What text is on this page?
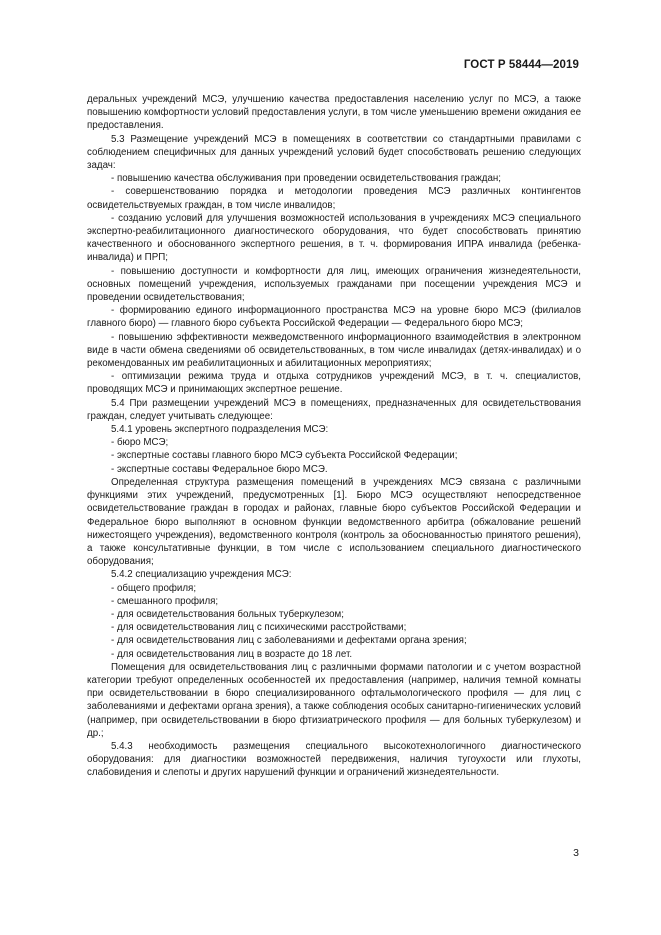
ГОСТ Р 58444—2019

деральных учреждений МСЭ, улучшению качества предоставления населению услуг по МСЭ, а также повышению комфортности условий предоставления услуги, в том числе уменьшению времени ожидания ее предоставления.

5.3 Размещение учреждений МСЭ в помещениях в соответствии со стандартными правилами с соблюдением специфичных для данных учреждений условий будет способствовать решению следующих задач:

- повышению качества обслуживания при проведении освидетельствования граждан;

- совершенствованию порядка и методологии проведения МСЭ различных контингентов освидетельствуемых граждан, в том числе инвалидов;

- созданию условий для улучшения возможностей использования в учреждениях МСЭ специального экспертно-реабилитационного диагностического оборудования, что будет способствовать принятию качественного и обоснованного экспертного решения, в т. ч. формирования ИПРА инвалида (ребенка-инвалида) и ПРП;

- повышению доступности и комфортности для лиц, имеющих ограничения жизнедеятельности, основных помещений учреждения, используемых гражданами при посещении учреждения МСЭ и проведении освидетельствования;

- формированию единого информационного пространства МСЭ на уровне бюро МСЭ (филиалов главного бюро) — главного бюро субъекта Российской Федерации — Федерального бюро МСЭ;

- повышению эффективности межведомственного информационного взаимодействия в электронном виде в части обмена сведениями об освидетельствованных, в том числе инвалидах (детях-инвалидах) и о рекомендованных им реабилитационных и абилитационных мероприятиях;

- оптимизации режима труда и отдыха сотрудников учреждений МСЭ, в т. ч. специалистов, проводящих МСЭ и принимающих экспертное решение.

5.4 При размещении учреждений МСЭ в помещениях, предназначенных для освидетельствования граждан, следует учитывать следующее:

5.4.1 уровень экспертного подразделения МСЭ:

- бюро МСЭ;

- экспертные составы главного бюро МСЭ субъекта Российской Федерации;

- экспертные составы Федеральное бюро МСЭ.

Определенная структура размещения помещений в учреждениях МСЭ связана с различными функциями этих учреждений, предусмотренных [1]. Бюро МСЭ осуществляют непосредственное освидетельствование граждан в городах и районах, главные бюро субъектов Российской Федерации и Федеральное бюро выполняют в основном функции ведомственного арбитра (обжалование решений нижестоящего учреждения), ведомственного контроля (контроль за обоснованностью принятого решения), а также консультативные функции, в том числе с использованием специального диагностического оборудования;

5.4.2 специализацию учреждения МСЭ:

- общего профиля;

- смешанного профиля;

- для освидетельствования больных туберкулезом;

- для освидетельствования лиц с психическими расстройствами;

- для освидетельствования лиц с заболеваниями и дефектами органа зрения;

- для освидетельствования лиц в возрасте до 18 лет.

Помещения для освидетельствования лиц с различными формами патологии и с учетом возрастной категории требуют определенных особенностей их предоставления (например, наличия темной комнаты при освидетельствовании в бюро специализированного офтальмологического профиля — для лиц с заболеваниями и дефектами органа зрения), а также соблюдения особых санитарно-гигиенических условий (например, при освидетельствовании в бюро фтизиатрического профиля — для больных туберкулезом) и др.;

5.4.3 необходимость размещения специального высокотехнологичного диагностического оборудования: для диагностики возможностей передвижения, наличия тугоухости или глухоты, слабовидения и слепоты и других нарушений функции и ограничений жизнедеятельности.

3
